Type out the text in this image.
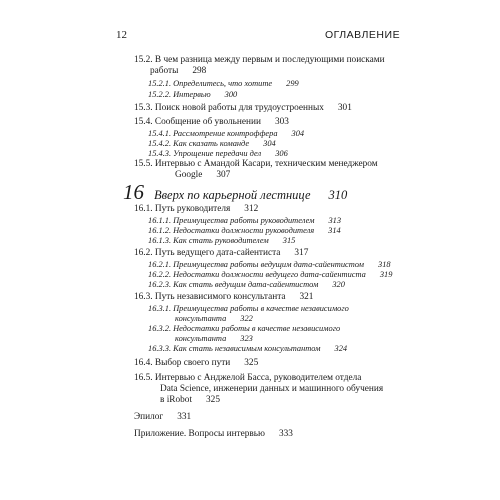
12	ОГЛАВЛЕНИЕ
15.2. В чем разница между первым и последующими поисками
работы 298
15.2.1. Определитесь, что хотите 299
15.2.2. Интервью 300
15.3. Поиск новой работы для трудоустроенных 301
15.4. Сообщение об увольнении 303
15.4.1. Рассмотрение контроффера 304
15.4.2. Как сказать команде 304
15.4.3. Упрощение передачи дел 306
15.5. Интервью с Амандой Касари, техническим менеджером
Google 307
16 Вверх по карьерной лестнице 310
16.1. Путь руководителя 312
16.1.1. Преимущества работы руководителем 313
16.1.2. Недостатки должности руководителя 314
16.1.3. Как стать руководителем 315
16.2. Путь ведущего дата-сайентиста 317
16.2.1. Преимущества работы ведущим дата-сайентистом 318
16.2.2. Недостатки должности ведущего дата-сайентиста 319
16.2.3. Как стать ведущим дата-сайентистом 320
16.3. Путь независимого консультанта 321
16.3.1. Преимущества работы в качестве независимого
консультанта 322
16.3.2. Недостатки работы в качестве независимого
консультанта 323
16.3.3. Как стать независимым консультантом 324
16.4. Выбор своего пути 325
16.5. Интервью с Анджелой Басса, руководителем отдела
Data Science, инженерии данных и машинного обучения
в iRobot 325
Эпилог 331
Приложение. Вопросы интервью 333
